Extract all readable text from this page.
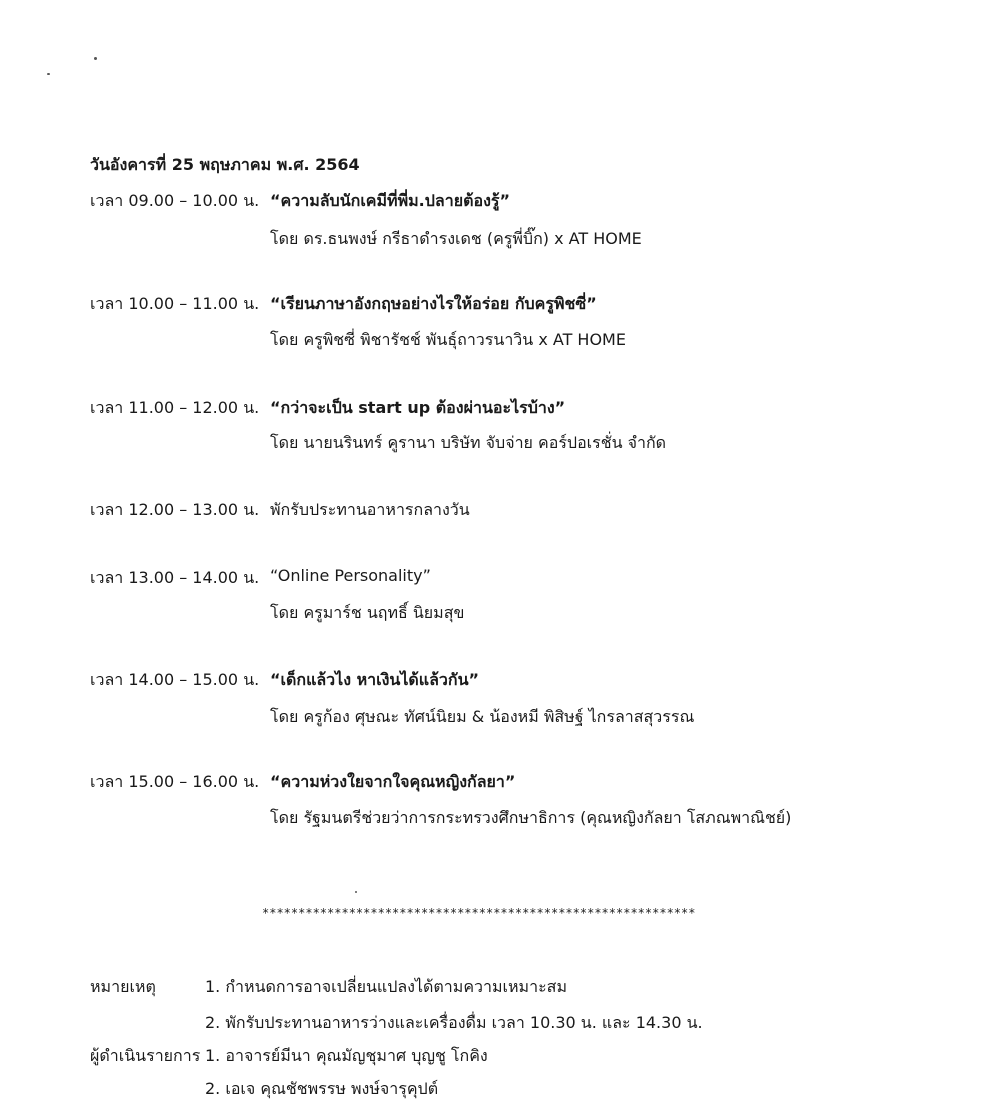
วันอังคารที่ 25 พฤษภาคม พ.ศ. 2564
เวลา 09.00 – 10.00 น. “ความลับนักเคมีที่พี่ม.ปลายต้องรู้”
โดย ดร.ธนพงษ์ กรีธาดำรงเดช (ครูพี่บิ๊ก) x AT HOME
เวลา 10.00 – 11.00 น. “เรียนภาษาอังกฤษอย่างไรให้อร่อย กับครูพิชซี่”
โดย ครูพิชซี่ พิชารัชช์ พันธุ์ถาวรนาวิน x AT HOME
เวลา 11.00 – 12.00 น. “กว่าจะเป็น start up ต้องผ่านอะไรบ้าง”
โดย นายนรินทร์ คูรานา บริษัท จับจ่าย คอร์ปอเรชั่น จำกัด
เวลา 12.00 – 13.00 น. พักรับประทานอาหารกลางวัน
เวลา 13.00 – 14.00 น. “Online Personality”
โดย ครูมาร์ช นฤทธิ์ นิยมสุข
เวลา 14.00 – 15.00 น. “เด็กแล้วไง หาเงินได้แล้วกัน”
โดย ครูก้อง ศุษณะ ทัศน์นิยม & น้องหมี พิสิษฐ์ ไกรลาสสุวรรณ
เวลา 15.00 – 16.00 น. “ความห่วงใยจากใจคุณหญิงกัลยา”
โดย รัฐมนตรีช่วยว่าการกระทรวงศึกษาธิการ (คุณหญิงกัลยา โสภณพาณิชย์)
************************************************************
หมายเหตุ	1. กำหนดการอาจเปลี่ยนแปลงได้ตามความเหมาะสม
2. พักรับประทานอาหารว่างและเครื่องดื่ม เวลา 10.30 น. และ 14.30 น.
ผู้ดำเนินรายการ 1. อาจารย์มีนา คุณมัญชุมาศ บุญชู โกคิง
2. เอเจ คุณชัชพรรษ พงษ์จารุคุปต์
